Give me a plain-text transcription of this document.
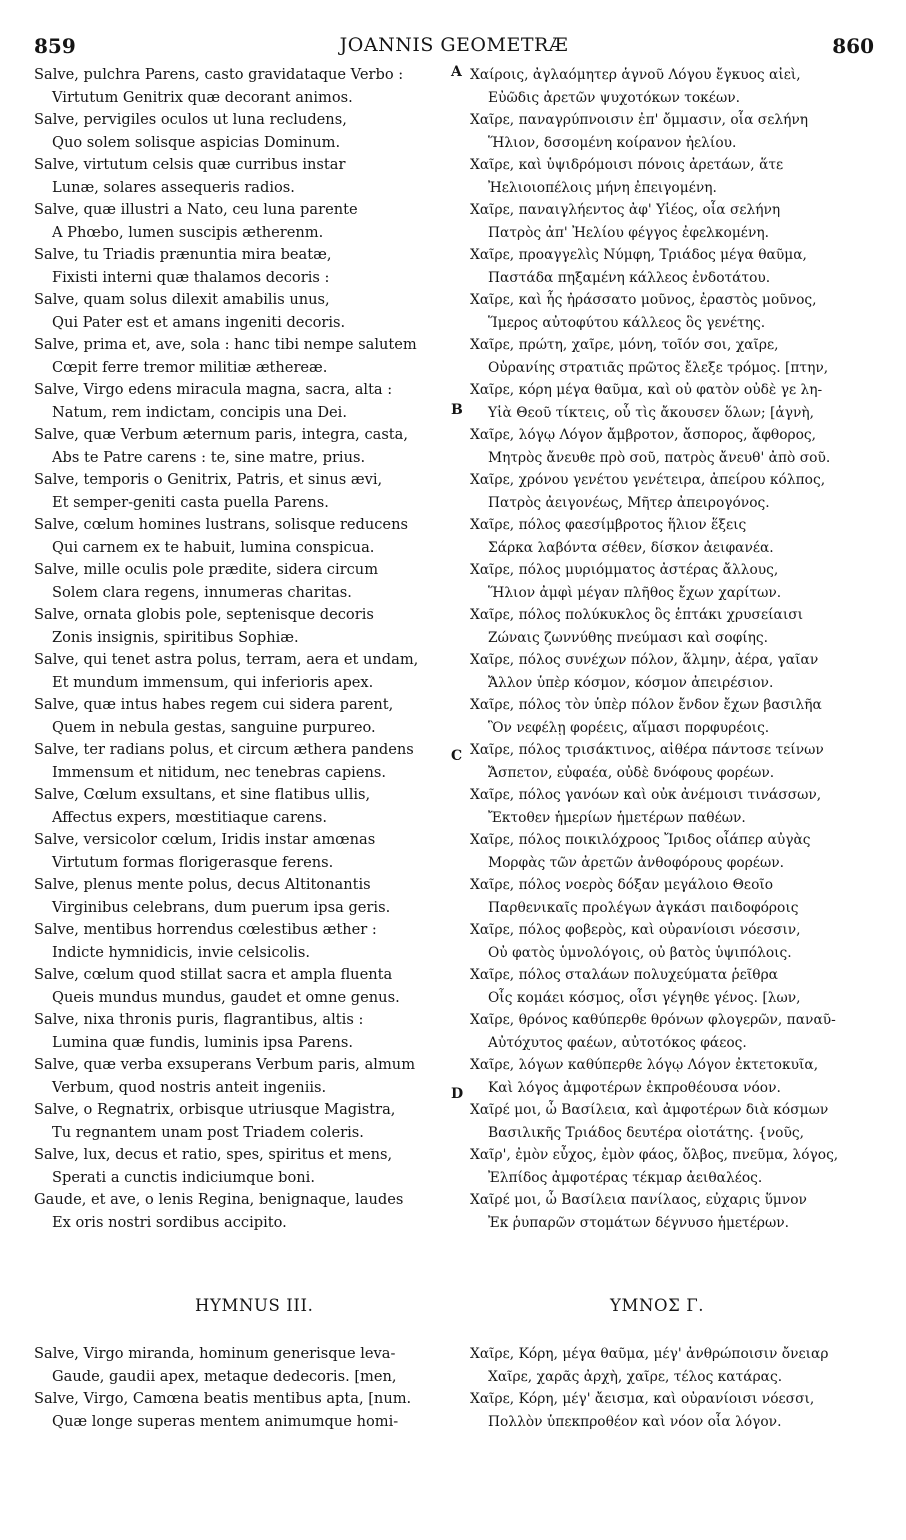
859	JOANNIS GEOMETRÆ	860
Salve, pulchra Parens, casto gravidataque Verbo :
Virtutum Genitrix quæ decorant animos.
Salve, pervigiles oculos ut luna recludens,
Quo solem solisque aspicias Dominum.
Salve, virtutum celsis quæ curribus instar
Lunæ, solares assequeris radios.
Salve, quæ illustri a Nato, ceu luna parente
A Phœbo, lumen suscipis ætherenm.
Salve, tu Triadis prænuntia mira beatæ,
Fixisti interni quæ thalamos decoris :
Salve, quam solus dilexit amabilis unus,
Qui Pater est et amans ingeniti decoris.
Salve, prima et, ave, sola : hanc tibi nempe salutem
Cœpit ferre tremor militiæ æthereæ.
Salve, Virgo edens miracula magna, sacra, alta :
Natum, rem indictam, concipis una Dei.
Salve, quæ Verbum æternum paris, integra, casta,
Abs te Patre carens : te, sine matre, prius.
Salve, temporis o Genitrix, Patris, et sinus ævi,
Et semper-geniti casta puella Parens.
Salve, cœlum homines lustrans, solisque reducens
Qui carnem ex te habuit, lumina conspicua.
Salve, mille oculis pole prædite, sidera circum
Solem clara regens, innumeras charitas.
Salve, ornata globis pole, septenisque decoris
Zonis insignis, spiritibus Sophiæ.
Salve, qui tenet astra polus, terram, aera et undam,
Et mundum immensum, qui inferioris apex.
Salve, quæ intus habes regem cui sidera parent,
Quem in nebula gestas, sanguine purpureo.
Salve, ter radians polus, et circum æthera pandens
Immensum et nitidum, nec tenebras capiens.
Salve, Cœlum exsultans, et sine flatibus ullis,
Affectus expers, mœstitiaque carens.
Salve, versicolor cœlum, Iridis instar amœnas
Virtutum formas florigerasque ferens.
Salve, plenus mente polus, decus Altitonantis
Virginibus celebrans, dum puerum ipsa geris.
Salve, mentibus horrendus cœlestibus æther :
Indicte hymnidicis, invie celsicolis.
Salve, cœlum quod stillat sacra et ampla fluenta
Queis mundus mundus, gaudet et omne genus.
Salve, nixa thronis puris, flagrantibus, altis :
Lumina quæ fundis, luminis ipsa Parens.
Salve, quæ verba exsuperans Verbum paris, almum
Verbum, quod nostris anteit ingeniis.
Salve, o Regnatrix, orbisque utriusque Magistra,
Tu regnantem unam post Triadem coleris.
Salve, lux, decus et ratio, spes, spiritus et mens,
Sperati a cunctis indiciumque boni.
Gaude, et ave, o lenis Regina, benignaque, laudes
Ex oris nostri sordibus accipito.
Χαίροις, ἀγλαόμητερ ἁγνοῦ Λόγου ἔγκυος αἰεὶ,
Εὐῶδις ἀρετῶν ψυχοτόκων τοκέων.
Χαῖρε, παναγρύπνοισιν ἐπ' ὄμμασιν, οἷα σελήνη
Ἥλιον, δσσομένη κοίρανον ἠελίου.
Χαῖρε, καὶ ὑψιδρόμοισι πόνοις ἀρετάων, ἅτε
Ἠελιοιοπέλοις μήνη ἐπειγομένη.
Χαῖρε, παναιγλήεντος ἀφ' Υἱέος, οἷα σελήνη
Πατρὸς ἀπ' Ἠελίου φέγγος ἐφελκομένη.
Χαῖρε, προαγγελὶς Νύμφη, Τριάδος μέγα θαῦμα,
Παστάδα πηξαμένη κάλλεος ἐνδοτάτου.
Χαῖρε, καὶ ἧς ἠράσσατο μοῦνος, ἐραστὸς μοῦνος,
Ἵμερος αὐτοφύτου κάλλεος ὃς γενέτης.
Χαῖρε, πρώτη, χαῖρε, μόνη, τοῖόν σοι, χαῖρε,
Οὐρανίης στρατιᾶς πρῶτος ἔλεξε τρόμος. [πτην,
Χαῖρε, κόρη μέγα θαῦμα, καὶ οὐ φατὸν οὐδὲ γε λη-
Υἱὰ Θεοῦ τίκτεις, οὗ τὶς ἄκουσεν ὅλων; [ἁγνὴ,
Χαῖρε, λόγῳ Λόγον ἄμβροτον, ἄσπορος, ἄφθορος,
Μητρὸς ἄνευθε πρὸ σοῦ, πατρὸς ἄνευθ' ἀπὸ σοῦ.
Χαῖρε, χρόνου γενέτου γενέτειρα, ἀπείρου κόλπος,
Πατρὸς ἀειγονέως, Μῆτερ ἀπειρογόνος.
Χαῖρε, πόλος φαεσίμβροτος ἥλιον ἕξεις
Σάρκα λαβόντα σέθεν, δίσκον ἀειφανέα.
Χαῖρε, πόλος μυριόμματος ἀστέρας ἄλλους,
Ἥλιον ἀμφὶ μέγαν πλῆθος ἔχων χαρίτων.
Χαῖρε, πόλος πολύκυκλος ὃς ἑπτάκι χρυσείαισι
Ζώναις ζωννύθης πνεύμασι καὶ σοφίης.
Χαῖρε, πόλος συνέχων πόλον, ἅλμην, ἀέρα, γαῖαν
Ἄλλον ὑπὲρ κόσμον, κόσμον ἀπειρέσιον.
Χαῖρε, πόλος τὸν ὑπὲρ πόλον ἔνδον ἔχων βασιλῆα
Ὃν νεφέλῃ φορέεις, αἵμασι πορφυρέοις.
Χαῖρε, πόλος τρισάκτινος, αἰθέρα πάντοσε τείνων
Ἄσπετον, εὐφαέα, οὐδὲ δνόφους φορέων.
Χαῖρε, πόλος γανόων καὶ οὐκ ἀνέμοισι τινάσσων,
Ἔκτοθεν ἡμερίων ἡμετέρων παθέων.
Χαῖρε, πόλος ποικιλόχροος Ἴριδος οἷάπερ αὐγὰς
Μορφὰς τῶν ἀρετῶν ἀνθοφόρους φορέων.
Χαῖρε, πόλος νοερὸς δόξαν μεγάλοιο Θεοῖο
Παρθενικαῖς προλέγων ἀγκάσι παιδοφόροις
Χαῖρε, πόλος φοβερὸς, καὶ οὐρανίοισι νόεσσιν,
Οὐ φατὸς ὑμνολόγοις, οὐ βατὸς ὑψιπόλοις.
Χαῖρε, πόλος σταλάων πολυχεύματα ῥεῖθρα
Οἷς κομάει κόσμος, οἷσι γέγηθε γένος. [λων,
Χαῖρε, θρόνος καθύπερθε θρόνων φλογερῶν, παναῦ-
Αὐτόχυτος φαέων, αὐτοτόκος φάεος.
Χαῖρε, λόγων καθύπερθε λόγῳ Λόγον ἐκτετοκυῖα,
Καὶ λόγος ἀμφοτέρων ἐκπροθέουσα νόον.
Χαῖρέ μοι, ὦ Βασίλεια, καὶ ἀμφοτέρων διὰ κόσμων
Βασιλικῆς Τριάδος δευτέρα οἰοτάτης. {νοῦς,
Χαῖρ', ἐμὸν εὖχος, ἐμὸν φάος, ὄλβος, πνεῦμα, λόγος,
Ἐλπίδος ἀμφοτέρας τέκμαρ ἀειθαλέος.
Χαῖρέ μοι, ὦ Βασίλεια πανίλαος, εὐχαρις ὕμνον
Ἐκ ῥυπαρῶν στομάτων δέγνυσο ἡμετέρων.
A
B
C
D
HYMNUS III.	ΥΜΝΟΣ Γ.
Salve, Virgo miranda, hominum generisque leva-
Gaude, gaudii apex, metaque dedecoris. [men,
Salve, Virgo, Camœna beatis mentibus apta, [num.
Quæ longe superas mentem animumque homi-
Χαῖρε, Κόρη, μέγα θαῦμα, μέγ' ἀνθρώποισιν ὄνειαρ
Χαῖρε, χαρᾶς ἀρχὴ, χαῖρε, τέλος κατάρας.
Χαῖρε, Κόρη, μέγ' ἄεισμα, καὶ οὐρανίοισι νόεσσι,
Πολλὸν ὑπεκπροθέον καὶ νόον οἷα λόγον.
